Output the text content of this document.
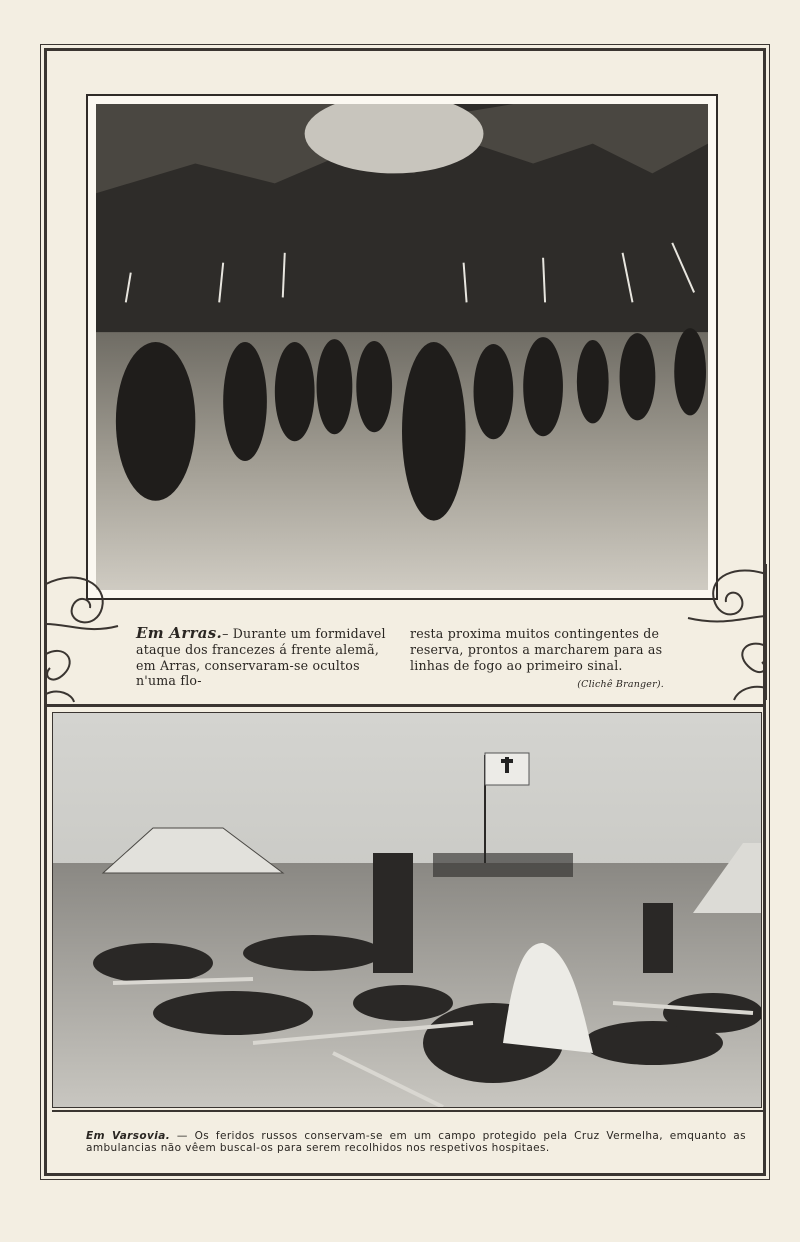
Em Arras.– Durante um formidavel ataque dos francezes á frente alemã, em Arras, conservaram-se ocultos n'uma flo-
resta proxima muitos contingentes de reserva, prontos a marcharem para as linhas de fogo ao primeiro sinal.
(Clichê Branger).
Em Varsovia. — Os feridos russos conservam-se em um campo protegido pela Cruz Vermelha, emquanto as ambulancias não vêem buscal-os para serem recolhidos nos respetivos hospitaes.
